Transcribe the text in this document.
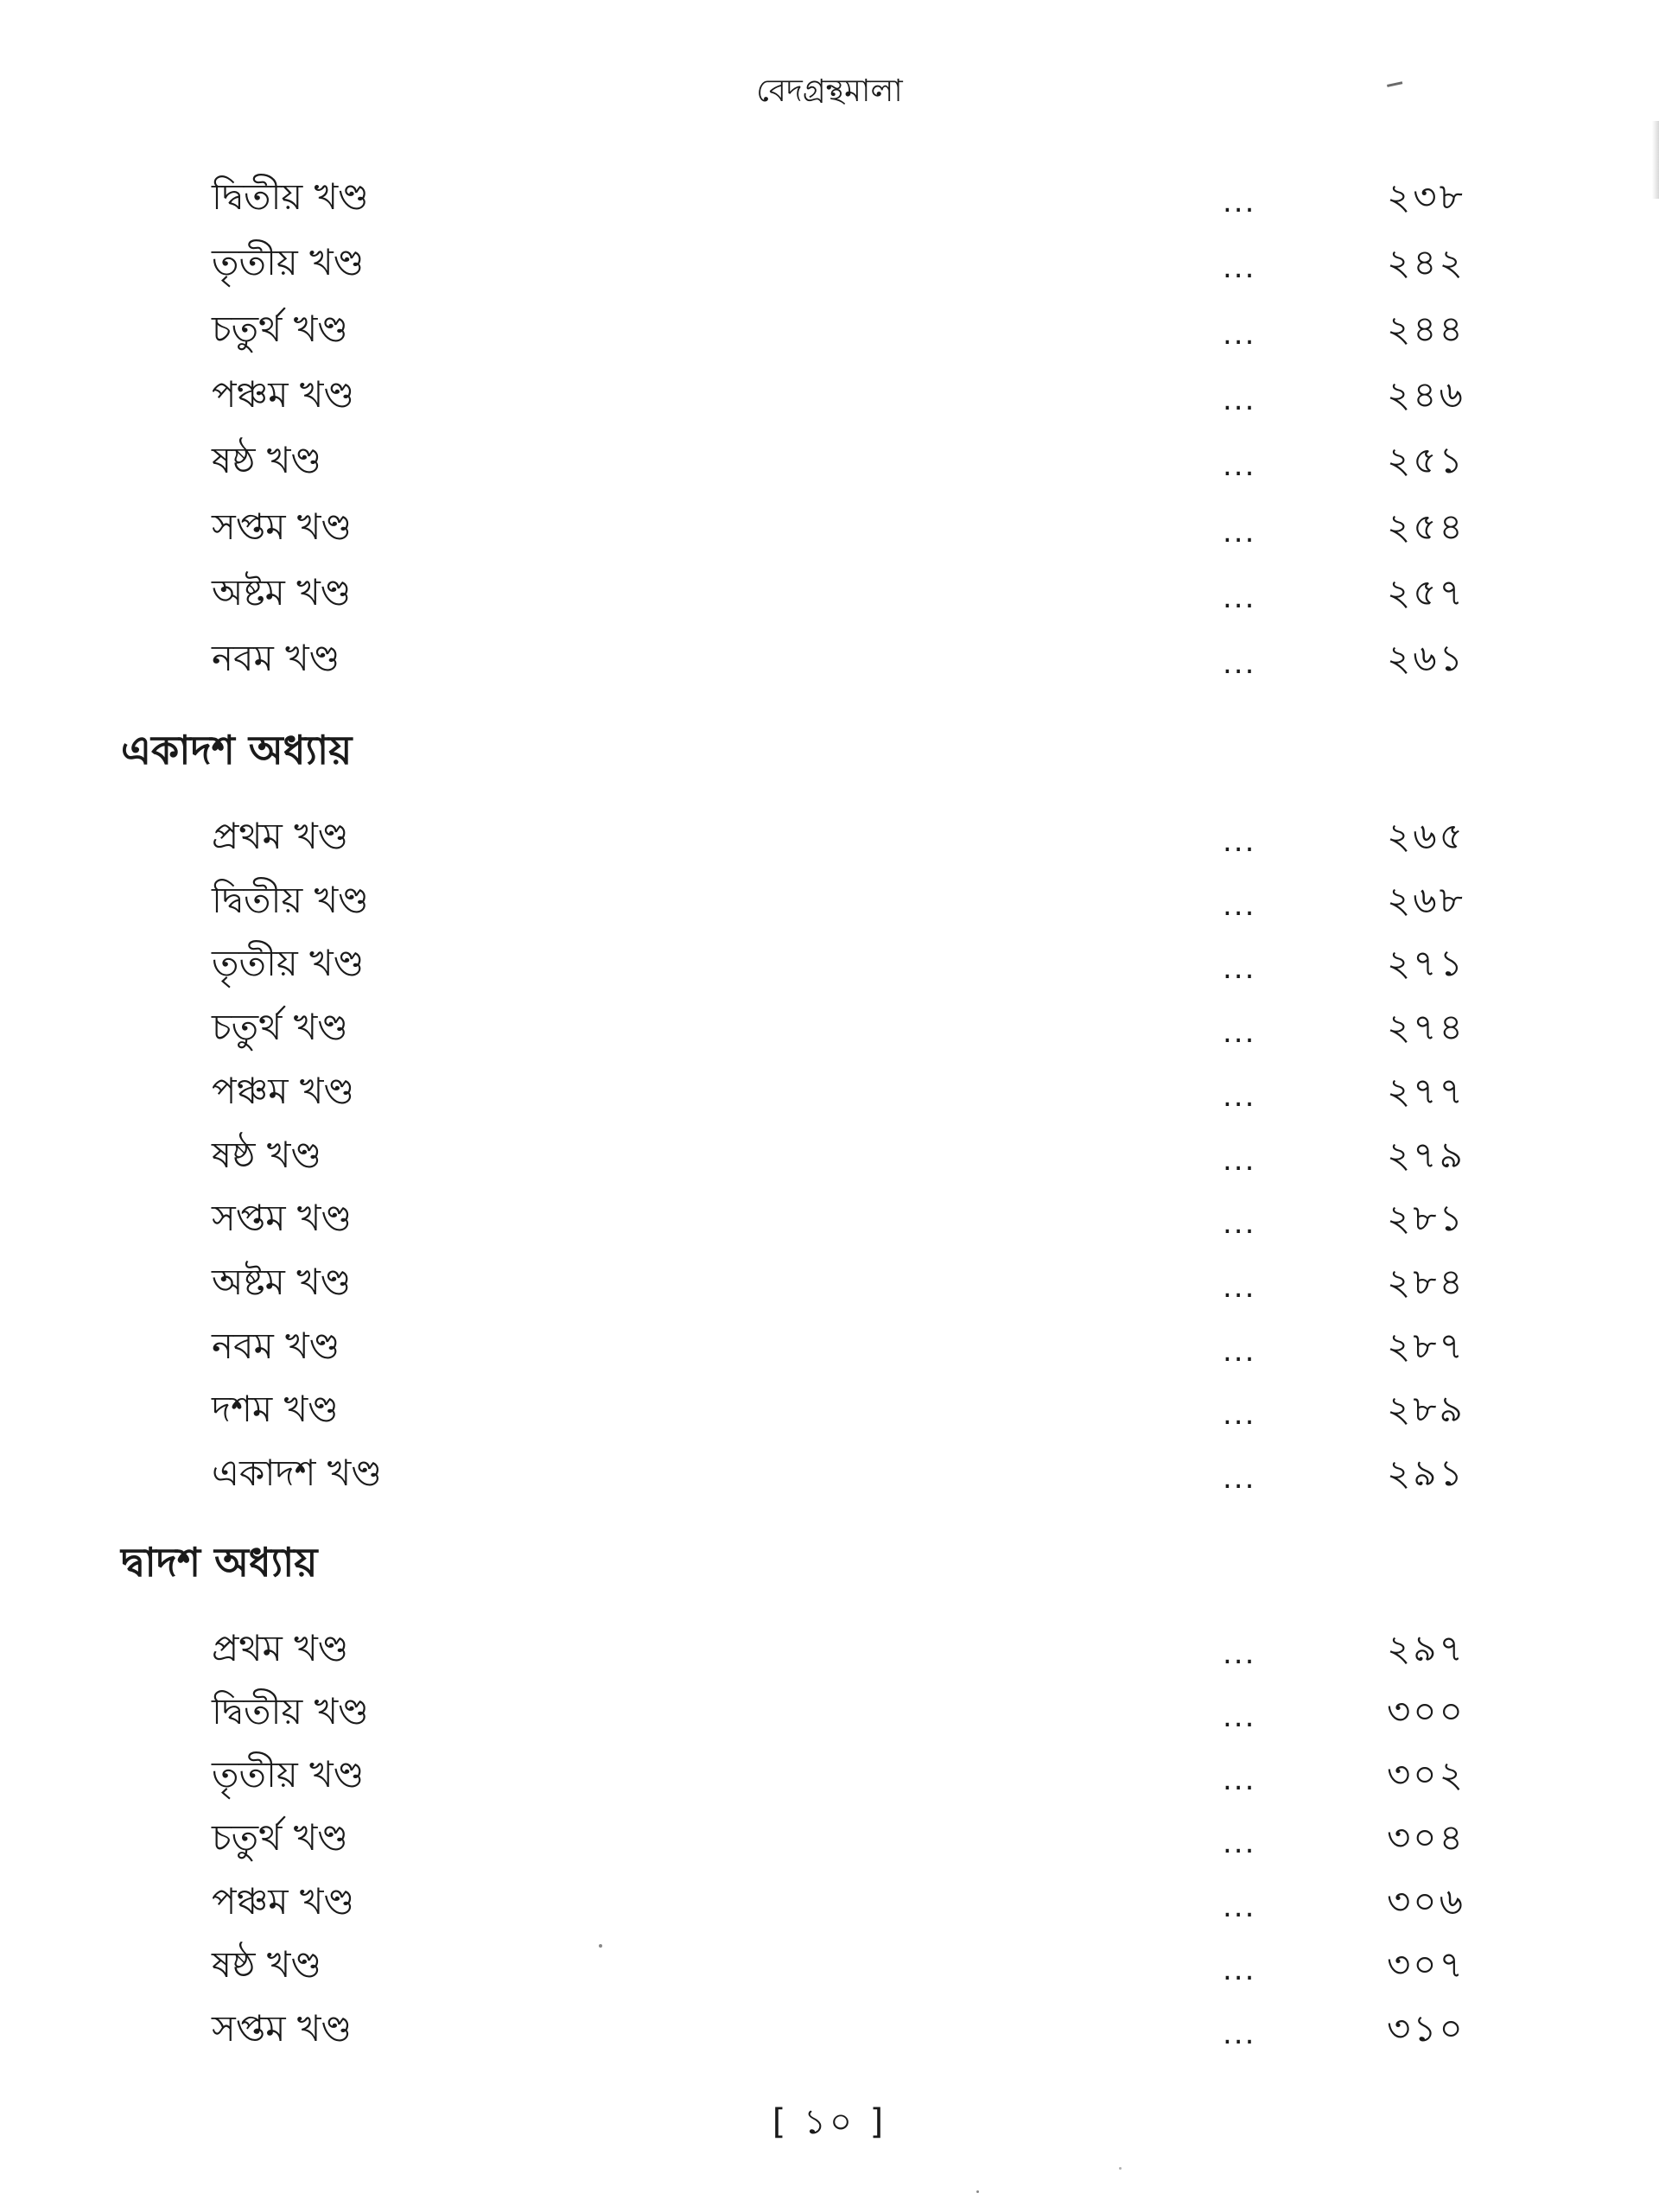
বেদগ্রন্থমালা
দ্বিতীয় খণ্ড	...	২৩৮
তৃতীয় খণ্ড	...	২৪২
চতুর্থ খণ্ড	...	২৪৪
পঞ্চম খণ্ড	...	২৪৬
ষষ্ঠ খণ্ড	...	২৫১
সপ্তম খণ্ড	...	২৫৪
অষ্টম খণ্ড	...	২৫৭
নবম খণ্ড	...	২৬১
একাদশ অধ্যায়
প্রথম খণ্ড	...	২৬৫
দ্বিতীয় খণ্ড	...	২৬৮
তৃতীয় খণ্ড	...	২৭১
চতুর্থ খণ্ড	...	২৭৪
পঞ্চম খণ্ড	...	২৭৭
ষষ্ঠ খণ্ড	...	২৭৯
সপ্তম খণ্ড	...	২৮১
অষ্টম খণ্ড	...	২৮৪
নবম খণ্ড	...	২৮৭
দশম খণ্ড	...	২৮৯
একাদশ খণ্ড	...	২৯১
দ্বাদশ অধ্যায়
প্রথম খণ্ড	...	২৯৭
দ্বিতীয় খণ্ড	...	৩০০
তৃতীয় খণ্ড	...	৩০২
চতুর্থ খণ্ড	...	৩০৪
পঞ্চম খণ্ড	...	৩০৬
ষষ্ঠ খণ্ড	...	৩০৭
সপ্তম খণ্ড	...	৩১০
[ ১০ ]
